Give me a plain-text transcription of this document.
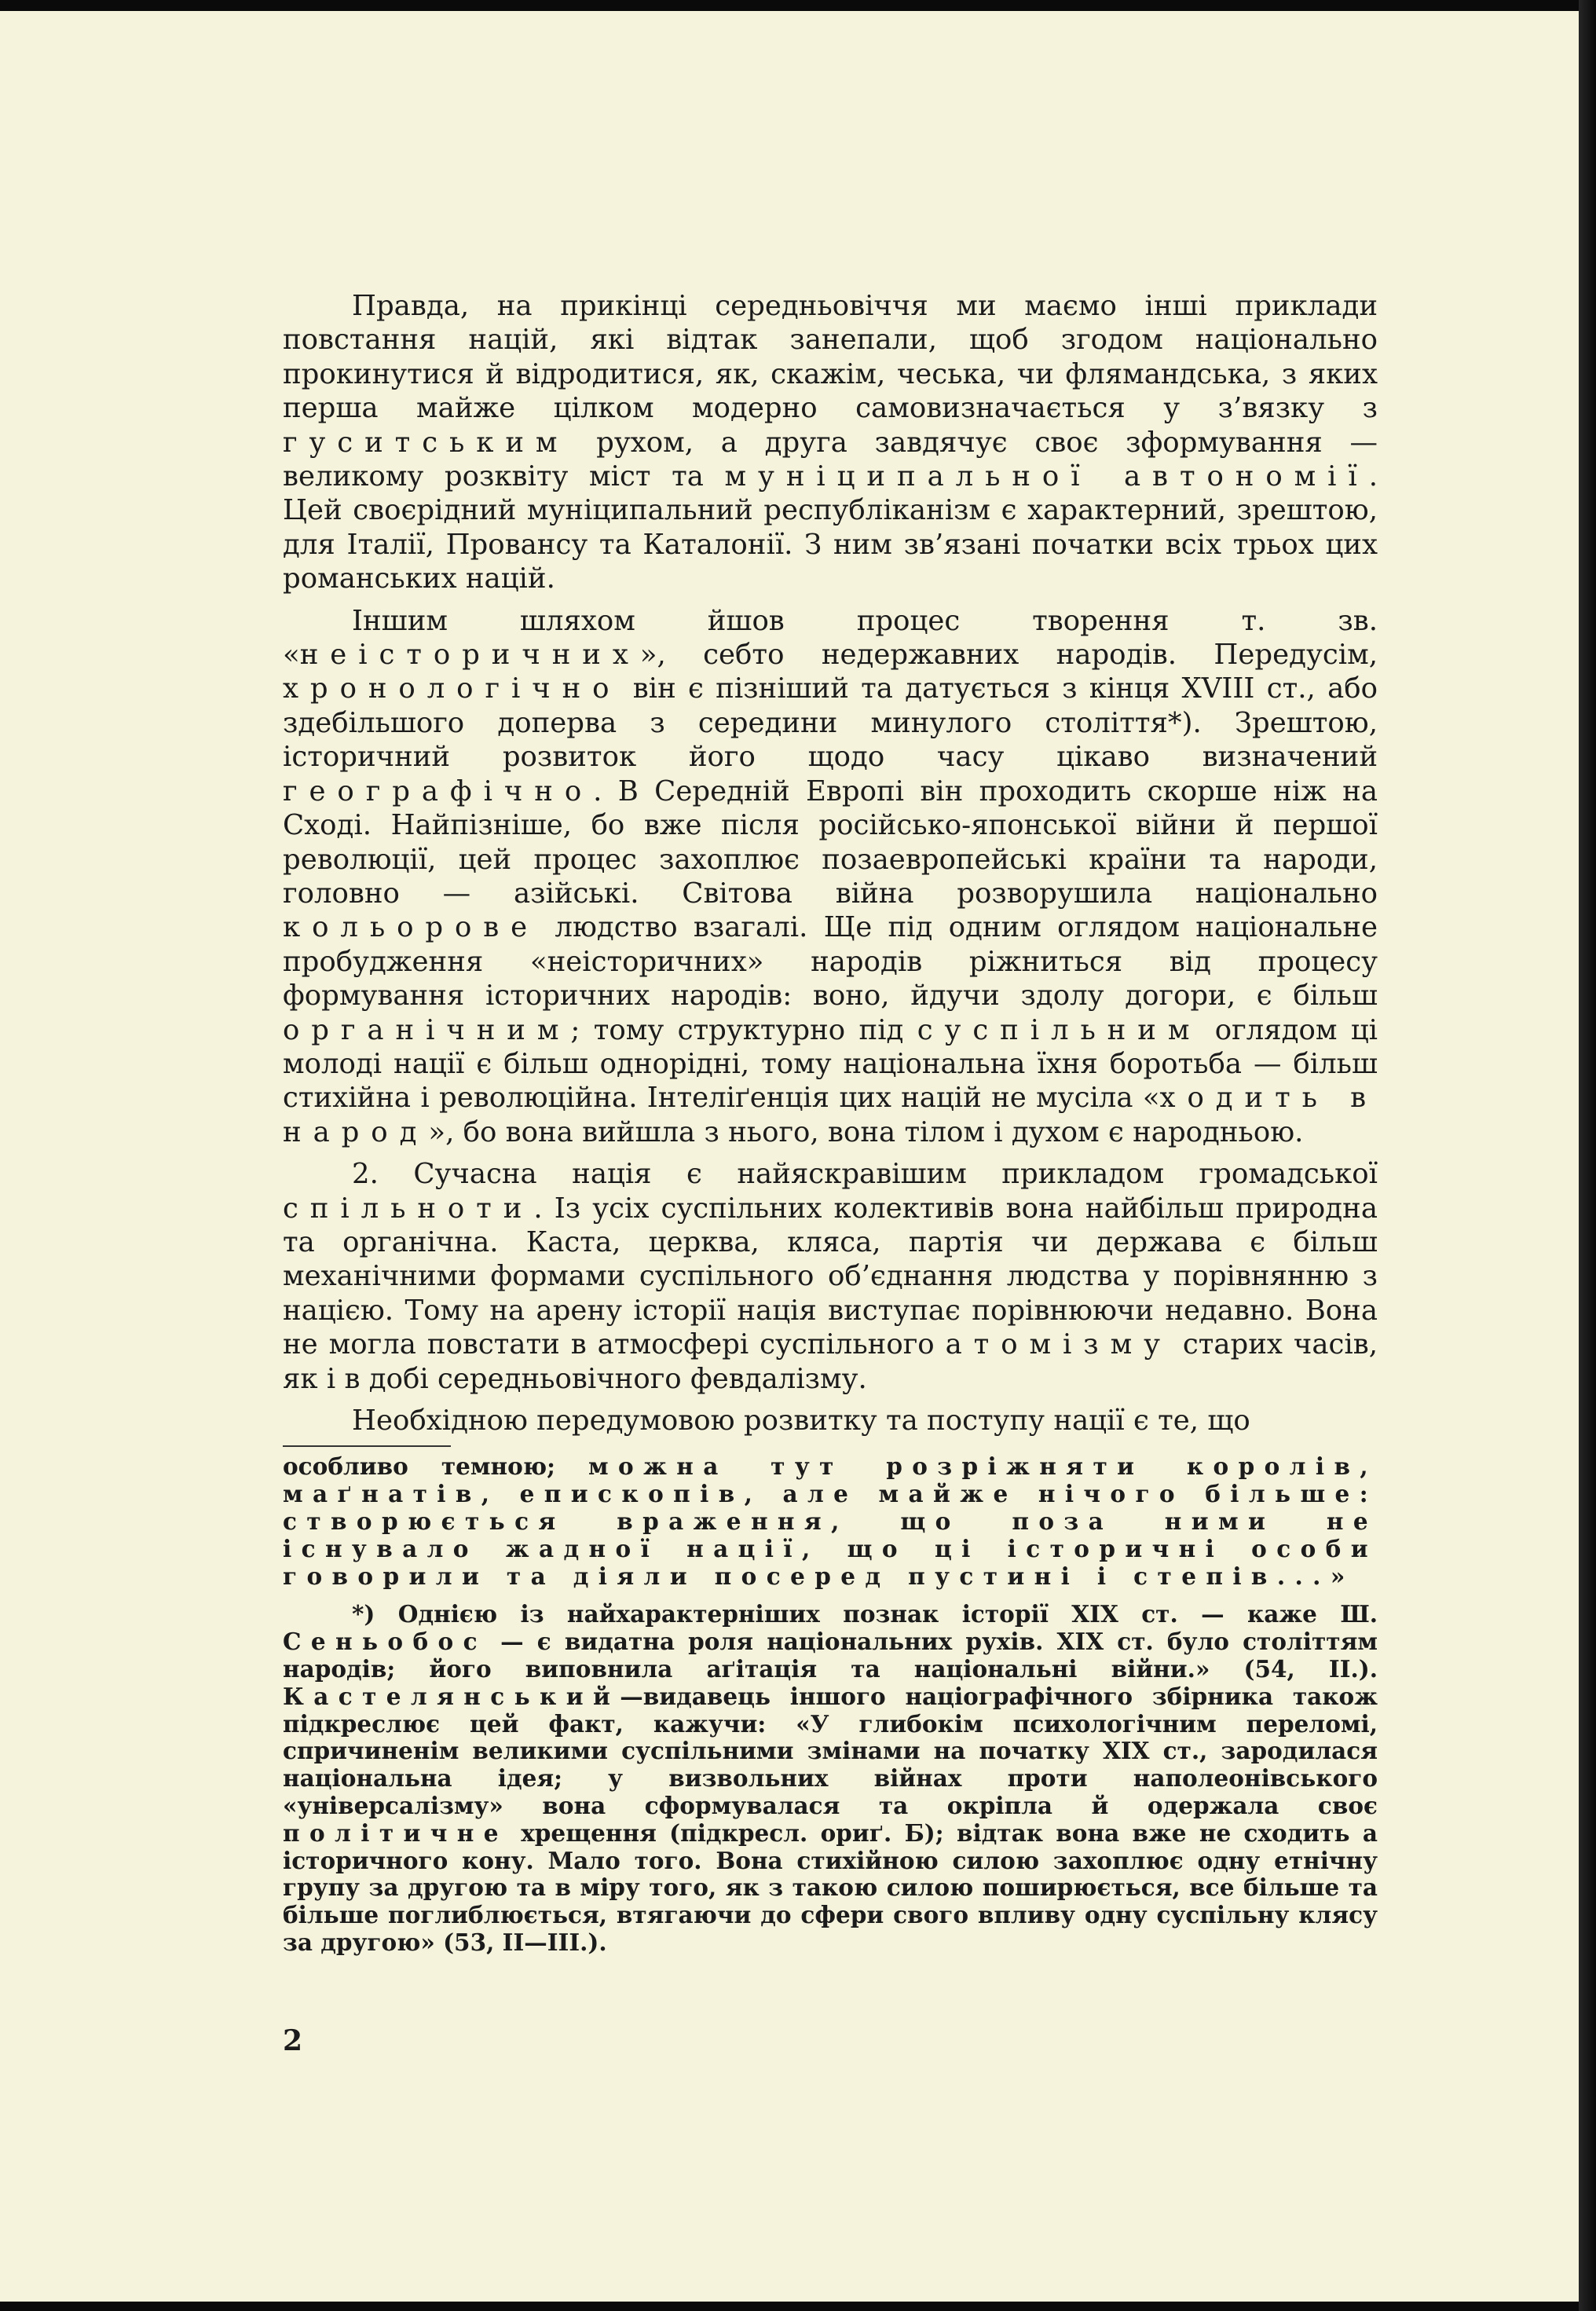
Правда, на прикінці середньовіччя ми маємо інші приклади повстання націй, які відтак занепали, щоб згодом національно прокинутися й відродитися, як, скажім, чеська, чи флямандська, з яких перша майже цілком модерно самовизначається у з’вязку з гуситським рухом, а друга завдячує своє зформування — великому розквіту міст та муніципальної автономії. Цей своєрідний муніципальний республіканізм є характерний, зрештою, для Італії, Провансу та Каталонії. З ним зв’язані початки всіх трьох цих романських націй.

Іншим шляхом йшов процес творення т. зв. «неісторичних», себто недержавних народів. Передусім, хронологічно він є пізніший та датується з кінця XVIII ст., або здебільшого доперва з середини минулого століття*). Зрештою, історичний розвиток його щодо часу цікаво визначений географічно. В Середній Европі він проходить скорше ніж на Сході. Найпізніше, бо вже після російсько-японської війни й першої революції, цей процес захоплює позаевропейські країни та народи, головно — азійські. Світова війна розворушила національно кольорове людство взагалі. Ще під одним оглядом національне пробудження «неісторичних» народів ріжниться від процесу формування історичних народів: воно, йдучи здолу догори, є більш органічним; тому структурно під суспільним оглядом ці молоді нації є більш однорідні, тому національна їхня боротьба — більш стихійна і революційна. Інтеліґенція цих націй не мусіла «ходить в народ», бо вона вийшла з нього, вона тілом і духом є народньою.

2. Сучасна нація є найяскравішим прикладом громадської спільноти. Із усіх суспільних колективів вона найбільш природна та органічна. Каста, церква, кляса, партія чи держава є більш механічними формами суспільного об’єднання людства у порівнянню з нацією. Тому на арену історії нація виступає порівнюючи недавно. Вона не могла повстати в атмосфері суспільного атомізму старих часів, як і в добі середньовічного февдалізму.

Необхідною передумовою розвитку та поступу нації є те, що

особливо темною; можна тут розріжняти королів, маґнатів, епископів, але майже нічого більше: створюється враження, що поза ними не існувало жадної нації, що ці історичні особи говорили та діяли посеред пустині і степів...»

*) Однією із найхарактерніших познак історії XIX ст. — каже Ш. Сеньобос — є видатна роля національних рухів. XIX ст. було століттям народів; його виповнила аґітація та національні війни.» (54, II.). Кастелянський—видавець іншого націографічного збірника також підкреслює цей факт, кажучи: «У глибокім психологічним переломі, спричиненім великими суспільними змінами на початку XIX ст., зародилася національна ідея; у визвольних війнах проти наполеонівського «універсалізму» вона сформувалася та окріпла й одержала своє політичне хрещення (підкресл. ориґ. Б); відтак вона вже не сходить а історичного кону. Мало того. Вона стихійною силою захоплює одну етнічну групу за другою та в міру того, як з такою силою поширюється, все більше та більше поглиблюється, втягаючи до сфери свого впливу одну суспільну клясу за другою» (53, II—III.).

2
